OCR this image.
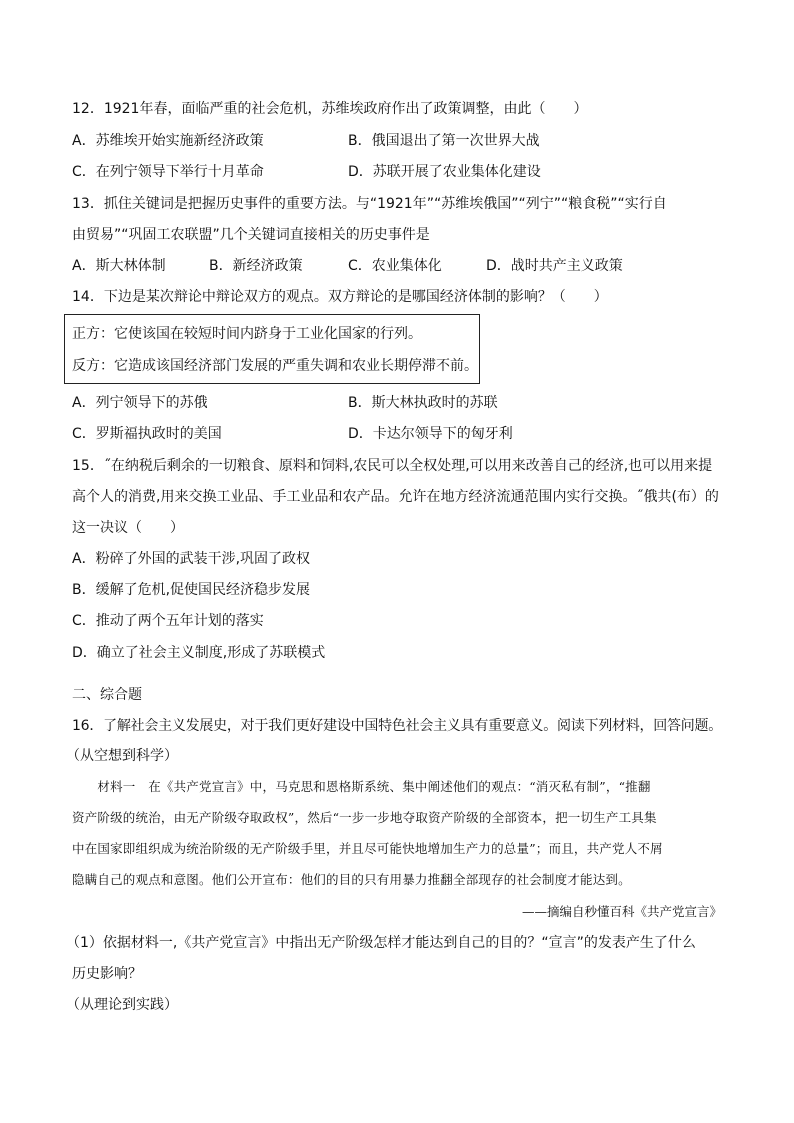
12．1921年春，面临严重的社会危机，苏维埃政府作出了政策调整，由此（　　）
A．苏维埃开始实施新经济政策	B．俄国退出了第一次世界大战
C．在列宁领导下举行十月革命	D．苏联开展了农业集体化建设
13．抓住关键词是把握历史事件的重要方法。与“1921年”“苏维埃俄国”“列宁”“粮食税”“实行自
由贸易”“巩固工农联盟”几个关键词直接相关的历史事件是
A．斯大林体制	B．新经济政策	C．农业集体化	D．战时共产主义政策
14．下边是某次辩论中辩论双方的观点。双方辩论的是哪国经济体制的影响？（　　）
正方：它使该国在较短时间内跻身于工业化国家的行列。
反方：它造成该国经济部门发展的严重失调和农业长期停滞不前。
A．列宁领导下的苏俄	B．斯大林执政时的苏联
C．罗斯福执政时的美国	D．卡达尔领导下的匈牙利
15．˝在纳税后剩余的一切粮食、原料和饲料,农民可以全权处理,可以用来改善自己的经济,也可以用来提
高个人的消费,用来交换工业品、手工业品和农产品。允许在地方经济流通范围内实行交换。˝俄共(布）的
这一决议（　　）
A．粉碎了外国的武装干涉,巩固了政权
B．缓解了危机,促使国民经济稳步发展
C．推动了两个五年计划的落实
D．确立了社会主义制度,形成了苏联模式
二、综合题
16．了解社会主义发展史，对于我们更好建设中国特色社会主义具有重要意义。阅读下列材料，回答问题。
（从空想到科学）
　　材料一　在《共产党宣言》中，马克思和恩格斯系统、集中阐述他们的观点：“消灭私有制”，“推翻
资产阶级的统治，由无产阶级夺取政权”，然后“一步一步地夺取资产阶级的全部资本，把一切生产工具集
中在国家即组织成为统治阶级的无产阶级手里，并且尽可能快地增加生产力的总量”；而且，共产党人不屑
隐瞒自己的观点和意图。他们公开宣布：他们的目的只有用暴力推翻全部现存的社会制度才能达到。
——摘编自秒懂百科《共产党宣言》
（1）依据材料一,《共产党宣言》中指出无产阶级怎样才能达到自己的目的？“宣言”的发表产生了什么
历史影响？
（从理论到实践）
